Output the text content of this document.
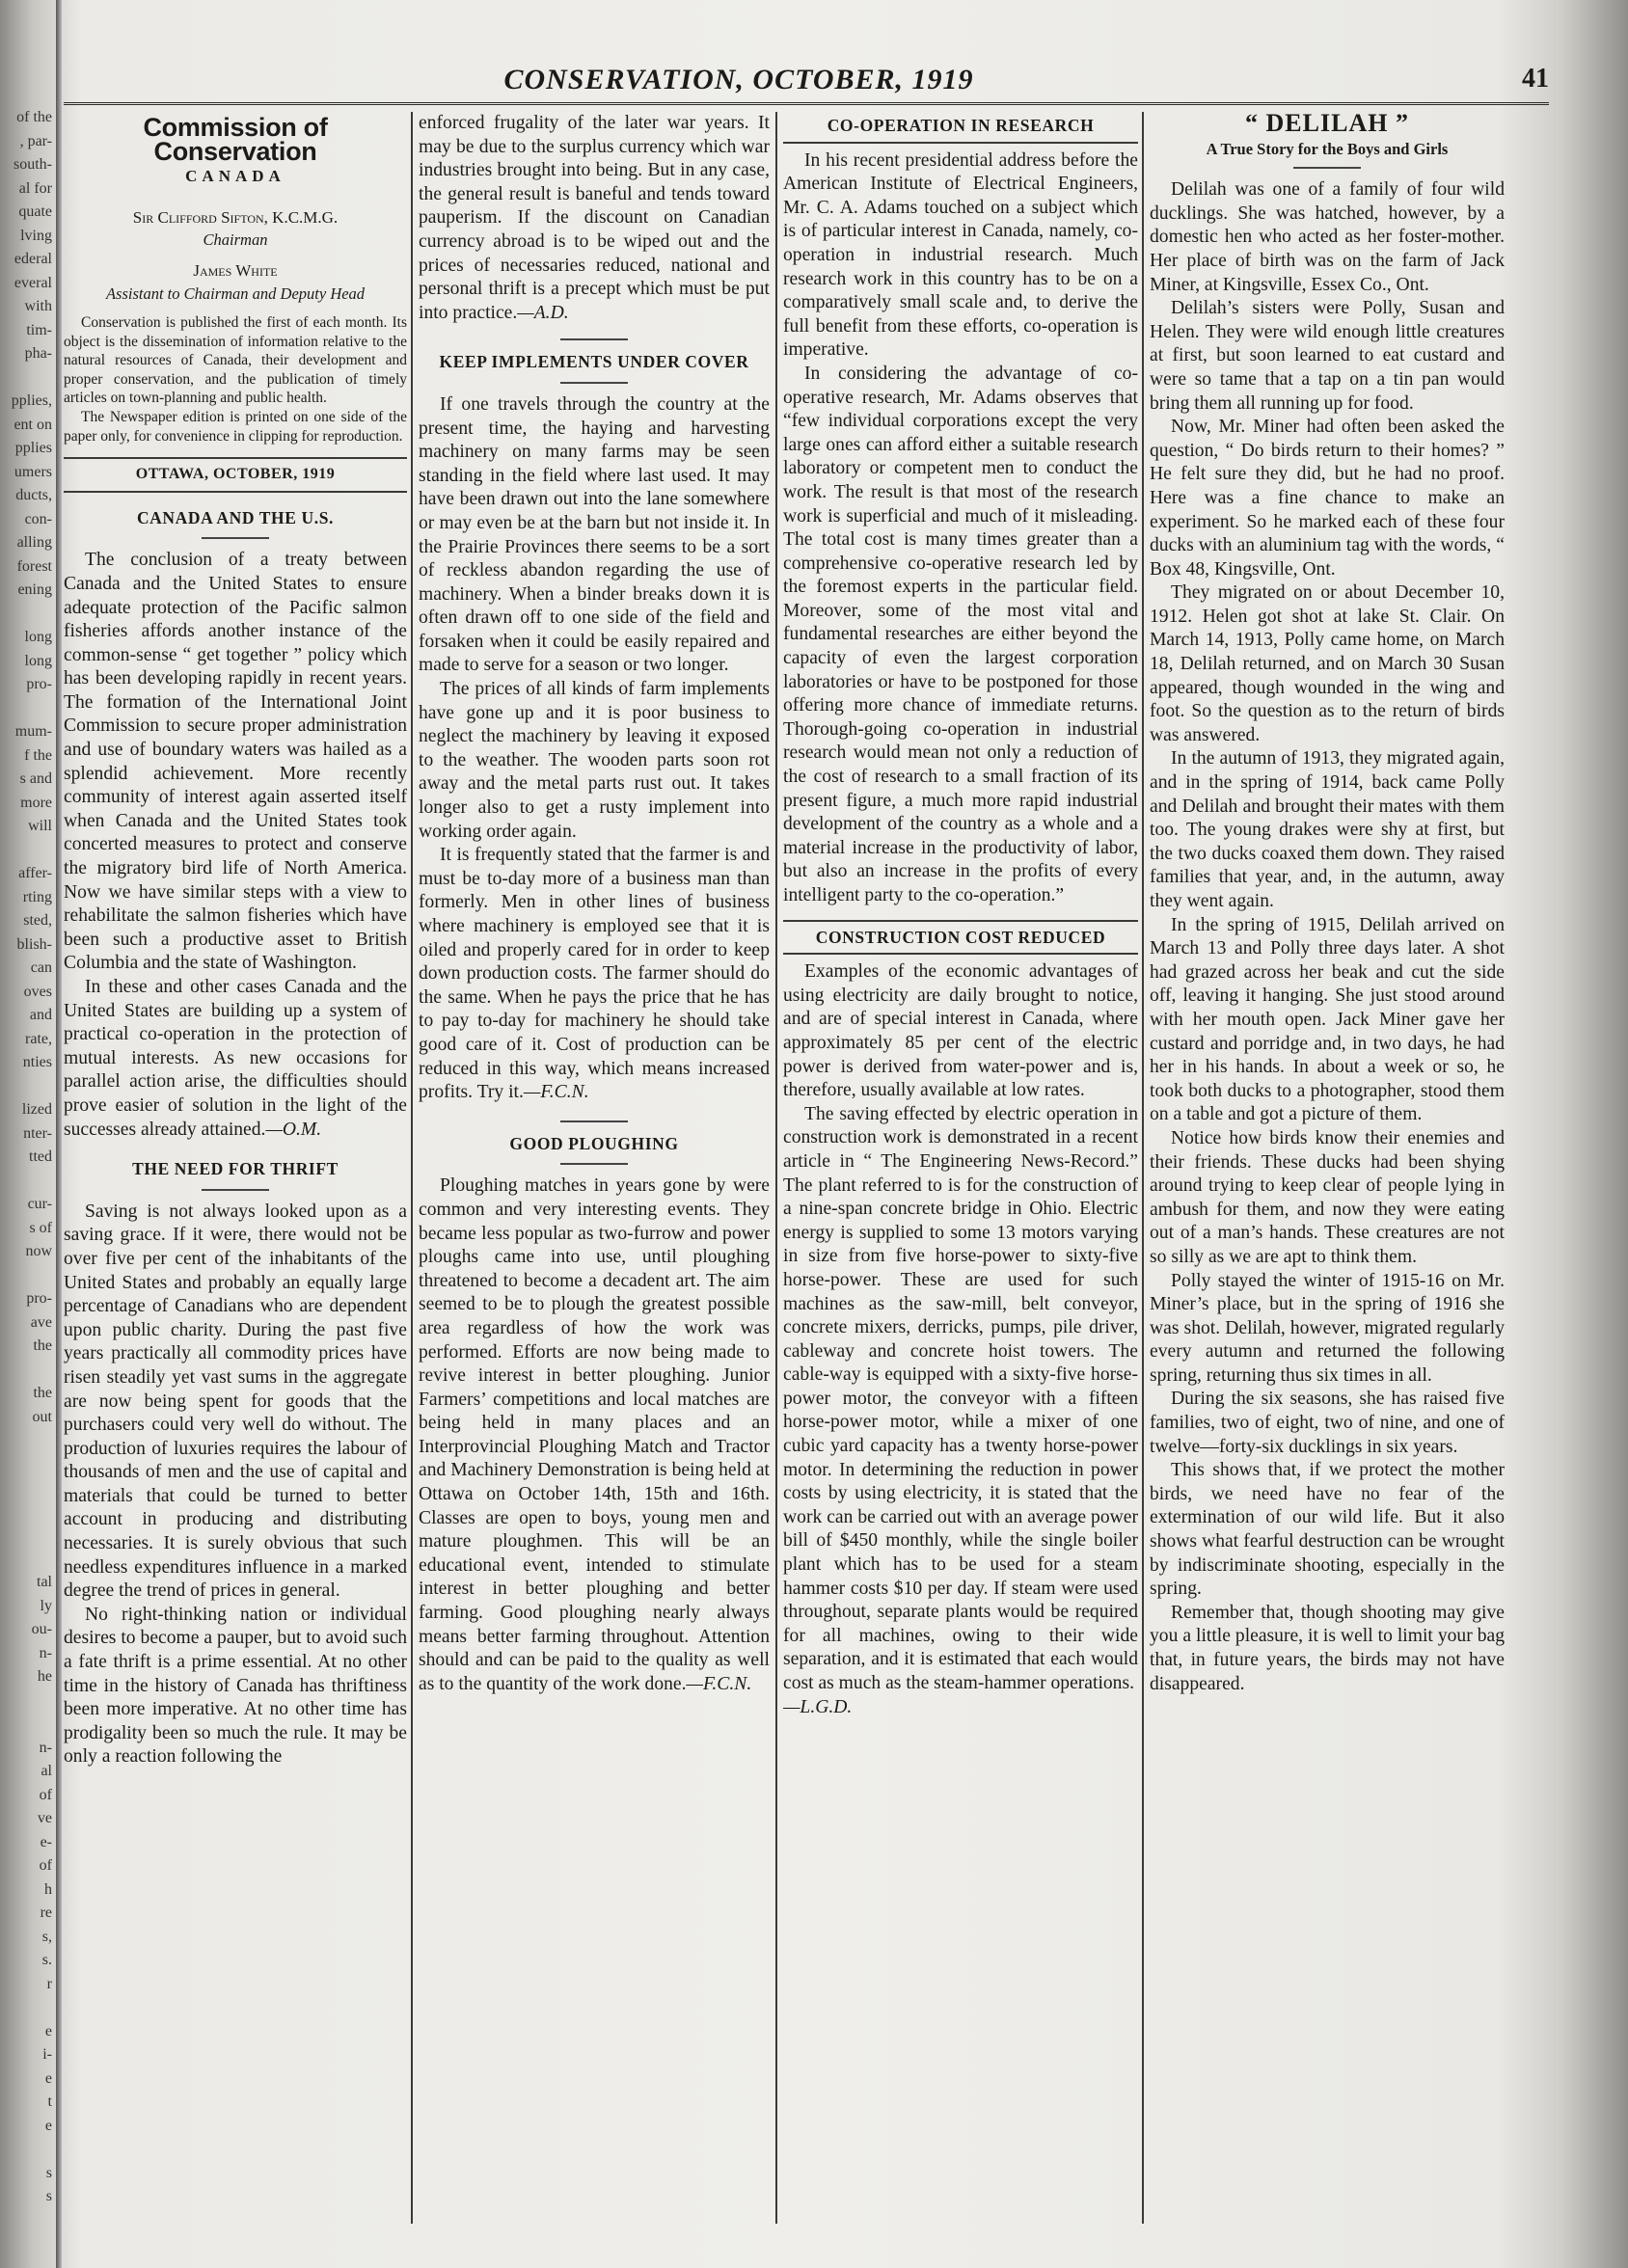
of the
, par-
south-
al for
quate
lving
ederal
everal
with
tim-
pha-

pplies,
ent on
pplies
umers
ducts,
con-
alling
forest
ening

long
long
pro-

mum-
f the
s and
more
will

affer-
rting
sted,
blish-
can
oves
and
rate,
nties

lized
nter-
tted

cur-
s of
now

pro-
ave
the

the
out

tal
ly
ou-
n-
he

n-
al
of
ve
e-
of
h
re
s,
s.
r

e
i-
e
t
e

s
s

CONSERVATION, OCTOBER, 1919	41
Commission of Conservation
CANADA
Sir Clifford Sifton, K.C.M.G.
Chairman
James White
Assistant to Chairman and Deputy Head

Conservation is published the first of each month. Its object is the dissemination of information relative to the natural resources of Canada, their development and proper conservation, and the publication of timely articles on town-planning and public health.

The Newspaper edition is printed on one side of the paper only, for convenience in clipping for reproduction.

OTTAWA, OCTOBER, 1919
CANADA AND THE U.S.

The conclusion of a treaty between Canada and the United States to ensure adequate protection of the Pacific salmon fisheries affords another instance of the common-sense “ get together ” policy which has been developing rapidly in recent years. The formation of the International Joint Commission to secure proper administration and use of boundary waters was hailed as a splendid achievement. More recently community of interest again asserted itself when Canada and the United States took concerted measures to protect and conserve the migratory bird life of North America. Now we have similar steps with a view to rehabilitate the salmon fisheries which have been such a productive asset to British Columbia and the state of Washington.

In these and other cases Canada and the United States are building up a system of practical co-operation in the protection of mutual interests. As new occasions for parallel action arise, the difficulties should prove easier of solution in the light of the successes already attained.—O.M.

THE NEED FOR THRIFT

Saving is not always looked upon as a saving grace. If it were, there would not be over five per cent of the inhabitants of the United States and probably an equally large percentage of Canadians who are dependent upon public charity. During the past five years practically all commodity prices have risen steadily yet vast sums in the aggregate are now being spent for goods that the purchasers could very well do without. The production of luxuries requires the labour of thousands of men and the use of capital and materials that could be turned to better account in producing and distributing necessaries. It is surely obvious that such needless expenditures influence in a marked degree the trend of prices in general.

No right-thinking nation or individual desires to become a pauper, but to avoid such a fate thrift is a prime essential. At no other time in the history of Canada has thriftiness been more imperative. At no other time has prodigality been so much the rule. It may be only a reaction following the

enforced frugality of the later war years. It may be due to the surplus currency which war industries brought into being. But in any case, the general result is baneful and tends toward pauperism. If the discount on Canadian currency abroad is to be wiped out and the prices of necessaries reduced, national and personal thrift is a precept which must be put into practice.—A.D.

KEEP IMPLEMENTS UNDER COVER

If one travels through the country at the present time, the haying and harvesting machinery on many farms may be seen standing in the field where last used. It may have been drawn out into the lane somewhere or may even be at the barn but not inside it. In the Prairie Provinces there seems to be a sort of reckless abandon regarding the use of machinery. When a binder breaks down it is often drawn off to one side of the field and forsaken when it could be easily repaired and made to serve for a season or two longer.

The prices of all kinds of farm implements have gone up and it is poor business to neglect the machinery by leaving it exposed to the weather. The wooden parts soon rot away and the metal parts rust out. It takes longer also to get a rusty implement into working order again.

It is frequently stated that the farmer is and must be to-day more of a business man than formerly. Men in other lines of business where machinery is employed see that it is oiled and properly cared for in order to keep down production costs. The farmer should do the same. When he pays the price that he has to pay to-day for machinery he should take good care of it. Cost of production can be reduced in this way, which means increased profits. Try it.—F.C.N.

GOOD PLOUGHING

Ploughing matches in years gone by were common and very interesting events. They became less popular as two-furrow and power ploughs came into use, until ploughing threatened to become a decadent art. The aim seemed to be to plough the greatest possible area regardless of how the work was performed. Efforts are now being made to revive interest in better ploughing. Junior Farmers’ competitions and local matches are being held in many places and an Interprovincial Ploughing Match and Tractor and Machinery Demonstration is being held at Ottawa on October 14th, 15th and 16th. Classes are open to boys, young men and mature ploughmen. This will be an educational event, intended to stimulate interest in better ploughing and better farming. Good ploughing nearly always means better farming throughout. Attention should and can be paid to the quality as well as to the quantity of the work done.—F.C.N.

CO-OPERATION IN RESEARCH

In his recent presidential address before the American Institute of Electrical Engineers, Mr. C. A. Adams touched on a subject which is of particular interest in Canada, namely, co-operation in industrial research. Much research work in this country has to be on a comparatively small scale and, to derive the full benefit from these efforts, co-operation is imperative.

In considering the advantage of co-operative research, Mr. Adams observes that “few individual corporations except the very large ones can afford either a suitable research laboratory or competent men to conduct the work. The result is that most of the research work is superficial and much of it misleading. The total cost is many times greater than a comprehensive co-operative research led by the foremost experts in the particular field. Moreover, some of the most vital and fundamental researches are either beyond the capacity of even the largest corporation laboratories or have to be postponed for those offering more chance of immediate returns. Thorough-going co-operation in industrial research would mean not only a reduction of the cost of research to a small fraction of its present figure, a much more rapid industrial development of the country as a whole and a material increase in the productivity of labor, but also an increase in the profits of every intelligent party to the co-operation.”

CONSTRUCTION COST REDUCED

Examples of the economic advantages of using electricity are daily brought to notice, and are of special interest in Canada, where approximately 85 per cent of the electric power is derived from water-power and is, therefore, usually available at low rates.

The saving effected by electric operation in construction work is demonstrated in a recent article in “ The Engineering News-Record.” The plant referred to is for the construction of a nine-span concrete bridge in Ohio. Electric energy is supplied to some 13 motors varying in size from five horse-power to sixty-five horse-power. These are used for such machines as the saw-mill, belt conveyor, concrete mixers, derricks, pumps, pile driver, cableway and concrete hoist towers. The cable-way is equipped with a sixty-five horse-power motor, the conveyor with a fifteen horse-power motor, while a mixer of one cubic yard capacity has a twenty horse-power motor. In determining the reduction in power costs by using electricity, it is stated that the work can be carried out with an average power bill of $450 monthly, while the single boiler plant which has to be used for a steam hammer costs $10 per day. If steam were used throughout, separate plants would be required for all machines, owing to their wide separation, and it is estimated that each would cost as much as the steam-hammer operations.

—L.G.D.

“ DELILAH ”
A True Story for the Boys and Girls

Delilah was one of a family of four wild ducklings. She was hatched, however, by a domestic hen who acted as her foster-mother. Her place of birth was on the farm of Jack Miner, at Kingsville, Essex Co., Ont.

Delilah’s sisters were Polly, Susan and Helen. They were wild enough little creatures at first, but soon learned to eat custard and were so tame that a tap on a tin pan would bring them all running up for food.

Now, Mr. Miner had often been asked the question, “ Do birds return to their homes? ” He felt sure they did, but he had no proof. Here was a fine chance to make an experiment. So he marked each of these four ducks with an aluminium tag with the words, “ Box 48, Kingsville, Ont.

They migrated on or about December 10, 1912. Helen got shot at lake St. Clair. On March 14, 1913, Polly came home, on March 18, Delilah returned, and on March 30 Susan appeared, though wounded in the wing and foot. So the question as to the return of birds was answered.

In the autumn of 1913, they migrated again, and in the spring of 1914, back came Polly and Delilah and brought their mates with them too. The young drakes were shy at first, but the two ducks coaxed them down. They raised families that year, and, in the autumn, away they went again.

In the spring of 1915, Delilah arrived on March 13 and Polly three days later. A shot had grazed across her beak and cut the side off, leaving it hanging. She just stood around with her mouth open. Jack Miner gave her custard and porridge and, in two days, he had her in his hands. In about a week or so, he took both ducks to a photographer, stood them on a table and got a picture of them.

Notice how birds know their enemies and their friends. These ducks had been shying around trying to keep clear of people lying in ambush for them, and now they were eating out of a man’s hands. These creatures are not so silly as we are apt to think them.

Polly stayed the winter of 1915-16 on Mr. Miner’s place, but in the spring of 1916 she was shot. Delilah, however, migrated regularly every autumn and returned the following spring, returning thus six times in all.

During the six seasons, she has raised five families, two of eight, two of nine, and one of twelve—forty-six ducklings in six years.

This shows that, if we protect the mother birds, we need have no fear of the extermination of our wild life. But it also shows what fearful destruction can be wrought by indiscriminate shooting, especially in the spring.

Remember that, though shooting may give you a little pleasure, it is well to limit your bag that, in future years, the birds may not have disappeared.
